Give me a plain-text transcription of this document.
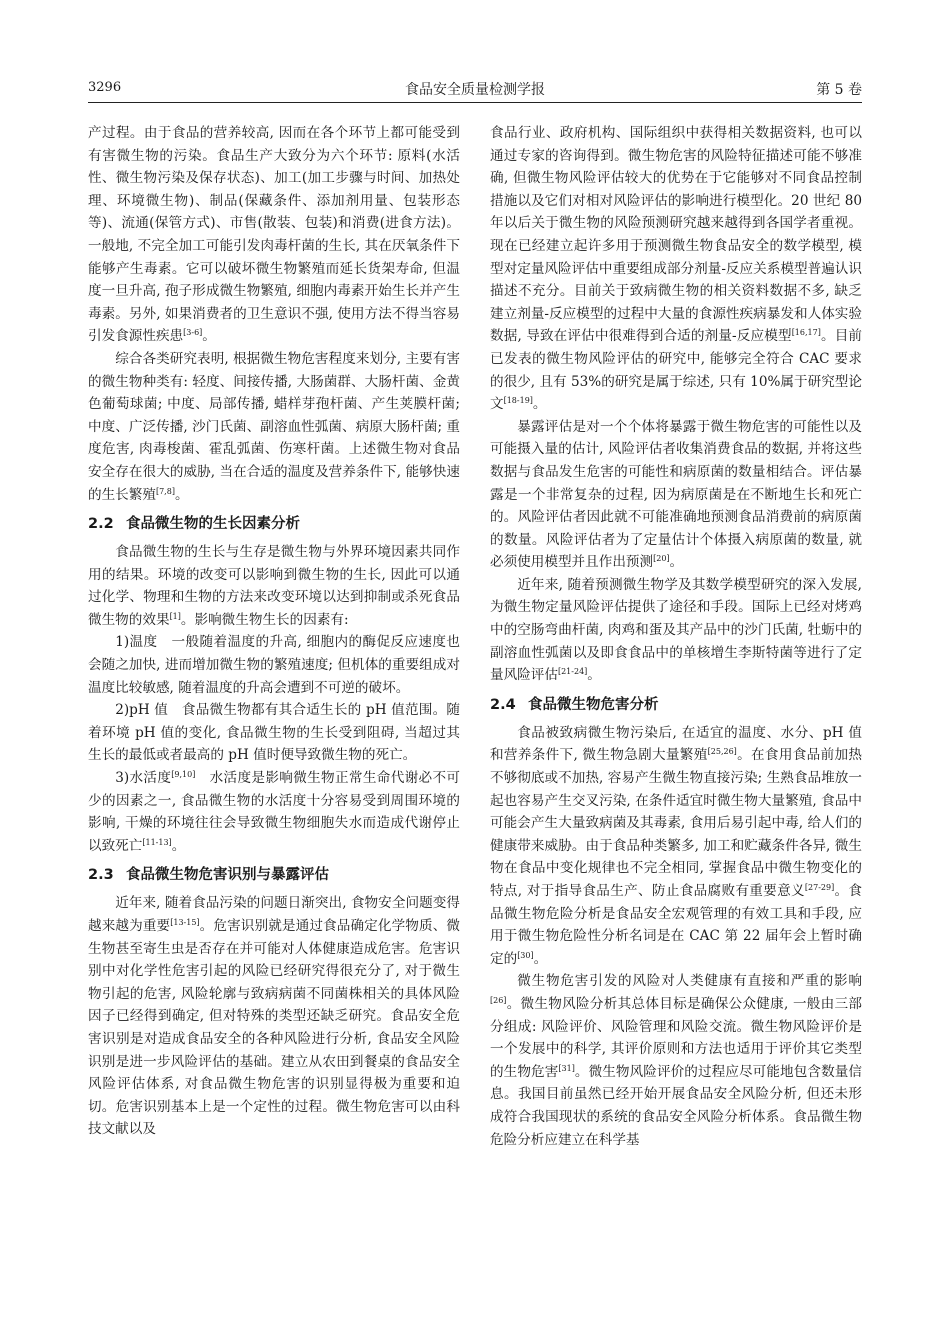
3296	食品安全质量检测学报	第 5 卷

产过程。由于食品的营养较高, 因而在各个环节上都可能受到有害微生物的污染。食品生产大致分为六个环节: 原料(水活性、微生物污染及保存状态)、加工(加工步骤与时间、加热处理、环境微生物)、制品(保藏条件、添加剂用量、包装形态等)、流通(保管方式)、市售(散装、包装)和消费(进食方法)。一般地, 不完全加工可能引发肉毒杆菌的生长, 其在厌氧条件下能够产生毒素。它可以破坏微生物繁殖而延长货架寿命, 但温度一旦升高, 孢子形成微生物繁殖, 细胞内毒素开始生长并产生毒素。另外, 如果消费者的卫生意识不强, 使用方法不得当容易引发食源性疾患[3-6]。

综合各类研究表明, 根据微生物危害程度来划分, 主要有害的微生物种类有: 轻度、间接传播, 大肠菌群、大肠杆菌、金黄色葡萄球菌; 中度、局部传播, 蜡样芽孢杆菌、产生荚膜杆菌; 中度、广泛传播, 沙门氏菌、副溶血性弧菌、病原大肠杆菌; 重度危害, 肉毒梭菌、霍乱弧菌、伤寒杆菌。上述微生物对食品安全存在很大的威胁, 当在合适的温度及营养条件下, 能够快速的生长繁殖[7,8]。

2.2 食品微生物的生长因素分析

食品微生物的生长与生存是微生物与外界环境因素共同作用的结果。环境的改变可以影响到微生物的生长, 因此可以通过化学、物理和生物的方法来改变环境以达到抑制或杀死食品微生物的效果[1]。影响微生物生长的因素有:

1)温度　一般随着温度的升高, 细胞内的酶促反应速度也会随之加快, 进而增加微生物的繁殖速度; 但机体的重要组成对温度比较敏感, 随着温度的升高会遭到不可逆的破坏。

2)pH 值　食品微生物都有其合适生长的 pH 值范围。随着环境 pH 值的变化, 食品微生物的生长受到阻碍, 当超过其生长的最低或者最高的 pH 值时便导致微生物的死亡。

3)水活度[9,10]　水活度是影响微生物正常生命代谢必不可少的因素之一, 食品微生物的水活度十分容易受到周围环境的影响, 干燥的环境往往会导致微生物细胞失水而造成代谢停止以致死亡[11-13]。

2.3 食品微生物危害识别与暴露评估

近年来, 随着食品污染的问题日渐突出, 食物安全问题变得越来越为重要[13-15]。危害识别就是通过食品确定化学物质、微生物甚至寄生虫是否存在并可能对人体健康造成危害。危害识别中对化学性危害引起的风险已经研究得很充分了, 对于微生物引起的危害, 风险轮廓与致病病菌不同菌株相关的具体风险因子已经得到确定, 但对特殊的类型还缺乏研究。食品安全危害识别是对造成食品安全的各种风险进行分析, 食品安全风险识别是进一步风险评估的基础。建立从农田到餐桌的食品安全风险评估体系, 对食品微生物危害的识别显得极为重要和迫切。危害识别基本上是一个定性的过程。微生物危害可以由科技文献以及

食品行业、政府机构、国际组织中获得相关数据资料, 也可以通过专家的咨询得到。微生物危害的风险特征描述可能不够准确, 但微生物风险评估较大的优势在于它能够对不同食品控制措施以及它们对相对风险评估的影响进行模型化。20 世纪 80 年以后关于微生物的风险预测研究越来越得到各国学者重视。现在已经建立起许多用于预测微生物食品安全的数学模型, 模型对定量风险评估中重要组成部分剂量-反应关系模型普遍认识描述不充分。目前关于致病微生物的相关资料数据不多, 缺乏建立剂量-反应模型的过程中大量的食源性疾病暴发和人体实验数据, 导致在评估中很难得到合适的剂量-反应模型[16,17]。目前已发表的微生物风险评估的研究中, 能够完全符合 CAC 要求的很少, 且有 53%的研究是属于综述, 只有 10%属于研究型论文[18-19]。

暴露评估是对一个个体将暴露于微生物危害的可能性以及可能摄入量的估计, 风险评估者收集消费食品的数据, 并将这些数据与食品发生危害的可能性和病原菌的数量相结合。评估暴露是一个非常复杂的过程, 因为病原菌是在不断地生长和死亡的。风险评估者因此就不可能准确地预测食品消费前的病原菌的数量。风险评估者为了定量估计个体摄入病原菌的数量, 就必须使用模型并且作出预测[20]。

近年来, 随着预测微生物学及其数学模型研究的深入发展, 为微生物定量风险评估提供了途径和手段。国际上已经对烤鸡中的空肠弯曲杆菌, 肉鸡和蛋及其产品中的沙门氏菌, 牡蛎中的副溶血性弧菌以及即食食品中的单核增生李斯特菌等进行了定量风险评估[21-24]。

2.4 食品微生物危害分析

食品被致病微生物污染后, 在适宜的温度、水分、pH 值和营养条件下, 微生物急剧大量繁殖[25,26]。在食用食品前加热不够彻底或不加热, 容易产生微生物直接污染; 生熟食品堆放一起也容易产生交叉污染, 在条件适宜时微生物大量繁殖, 食品中可能会产生大量致病菌及其毒素, 食用后易引起中毒, 给人们的健康带来威胁。由于食品种类繁多, 加工和贮藏条件各异, 微生物在食品中变化规律也不完全相同, 掌握食品中微生物变化的特点, 对于指导食品生产、防止食品腐败有重要意义[27-29]。食品微生物危险分析是食品安全宏观管理的有效工具和手段, 应用于微生物危险性分析名词是在 CAC 第 22 届年会上暂时确定的[30]。

微生物危害引发的风险对人类健康有直接和严重的影响[26]。微生物风险分析其总体目标是确保公众健康, 一般由三部分组成: 风险评价、风险管理和风险交流。微生物风险评价是一个发展中的科学, 其评价原则和方法也适用于评价其它类型的生物危害[31]。微生物风险评价的过程应尽可能地包含数量信息。我国目前虽然已经开始开展食品安全风险分析, 但还未形成符合我国现状的系统的食品安全风险分析体系。食品微生物危险分析应建立在科学基
